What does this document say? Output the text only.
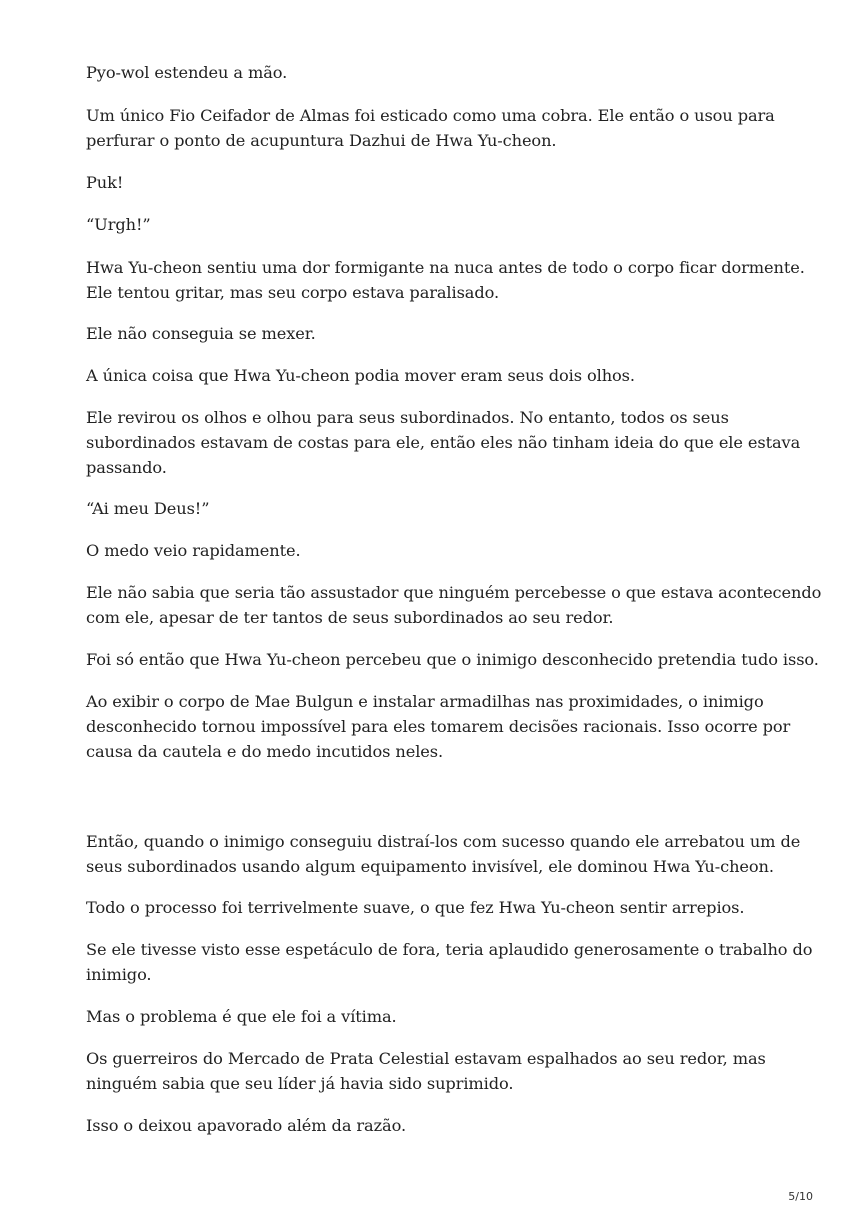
Pyo-wol estendeu a mão.

Um único Fio Ceifador de Almas foi esticado como uma cobra. Ele então o usou para
perfurar o ponto de acupuntura Dazhui de Hwa Yu-cheon.

Puk!

“Urgh!”

Hwa Yu-cheon sentiu uma dor formigante na nuca antes de todo o corpo ficar dormente.
Ele tentou gritar, mas seu corpo estava paralisado.

Ele não conseguia se mexer.

A única coisa que Hwa Yu-cheon podia mover eram seus dois olhos.

Ele revirou os olhos e olhou para seus subordinados. No entanto, todos os seus
subordinados estavam de costas para ele, então eles não tinham ideia do que ele estava
passando.

“Ai meu Deus!”

O medo veio rapidamente.

Ele não sabia que seria tão assustador que ninguém percebesse o que estava acontecendo
com ele, apesar de ter tantos de seus subordinados ao seu redor.

Foi só então que Hwa Yu-cheon percebeu que o inimigo desconhecido pretendia tudo isso.

Ao exibir o corpo de Mae Bulgun e instalar armadilhas nas proximidades, o inimigo
desconhecido tornou impossível para eles tomarem decisões racionais. Isso ocorre por
causa da cautela e do medo incutidos neles.

Então, quando o inimigo conseguiu distraí-los com sucesso quando ele arrebatou um de
seus subordinados usando algum equipamento invisível, ele dominou Hwa Yu-cheon.

Todo o processo foi terrivelmente suave, o que fez Hwa Yu-cheon sentir arrepios.

Se ele tivesse visto esse espetáculo de fora, teria aplaudido generosamente o trabalho do
inimigo.

Mas o problema é que ele foi a vítima.

Os guerreiros do Mercado de Prata Celestial estavam espalhados ao seu redor, mas
ninguém sabia que seu líder já havia sido suprimido.

Isso o deixou apavorado além da razão.

5/10
